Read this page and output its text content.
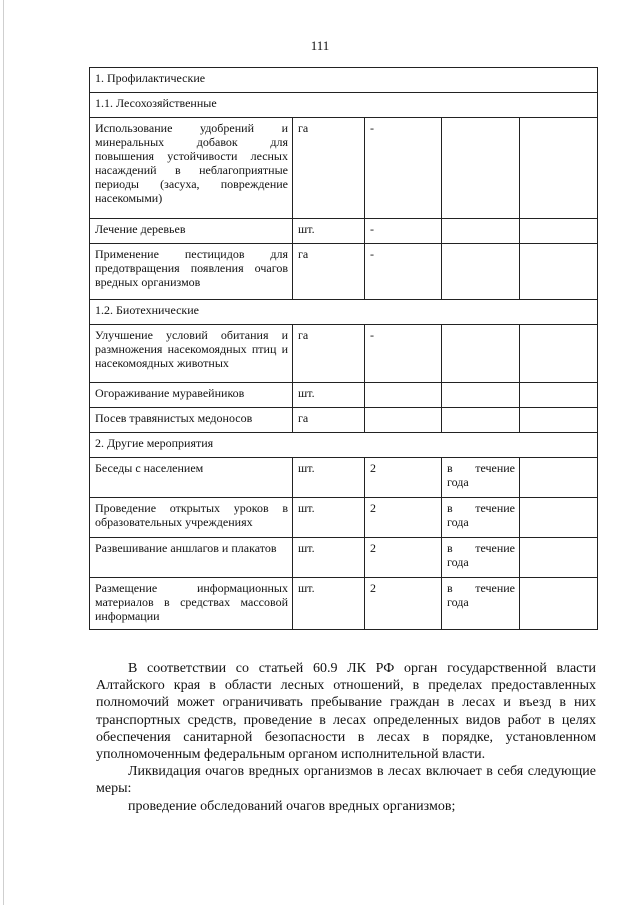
111
1. Профилактические				
1.1. Лесохозяйственные				
Использование удобрений и минеральных добавок для повышения устойчивости лесных насаждений в неблагоприятные периоды (засуха, повреждение насекомыми)	га	-		
Лечение деревьев	шт.	-		
Применение пестицидов для предотвращения появления очагов вредных организмов	га	-		
1.2. Биотехнические				
Улучшение условий обитания и размножения насекомоядных птиц и насекомоядных животных	га	-		
Огораживание муравейников	шт.			
Посев травянистых медоносов	га			
2. Другие мероприятия				
Беседы с населением	шт.	2	в течение года	
Проведение открытых уроков в образовательных учреждениях	шт.	2	в течение года	
Развешивание аншлагов и плакатов	шт.	2	в течение года	
Размещение информационных материалов в средствах массовой информации	шт.	2	в течение года	

В соответствии со статьей 60.9 ЛК РФ орган государственной власти Алтайского края в области лесных отношений, в пределах предоставленных полномочий может ограничивать пребывание граждан в лесах и въезд в них транспортных средств, проведение в лесах определенных видов работ в целях обеспечения санитарной безопасности в лесах в порядке, установленном уполномоченным федеральным органом исполнительной власти.

Ликвидация очагов вредных организмов в лесах включает в себя следующие меры:

проведение обследований очагов вредных организмов;
